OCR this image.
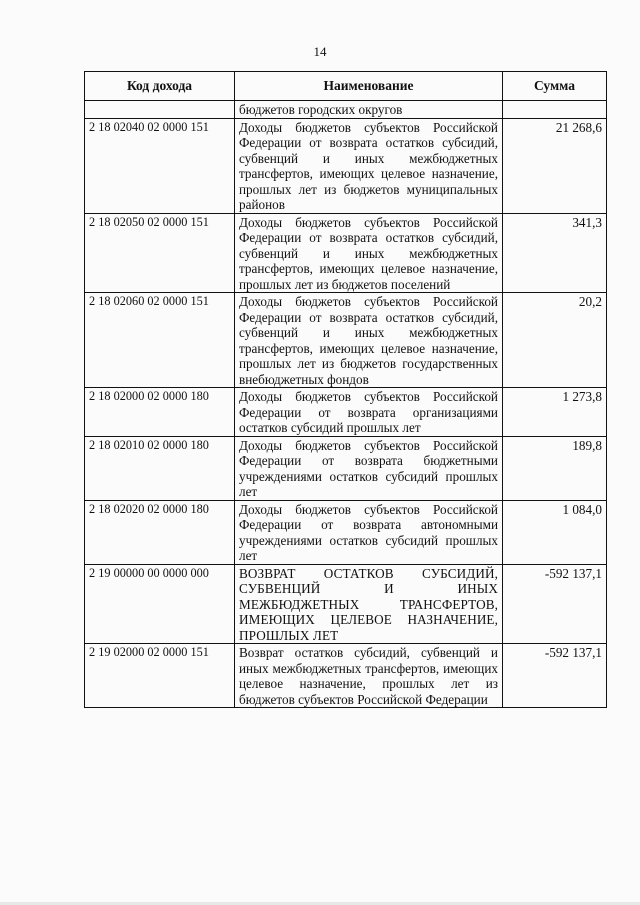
14
Код дохода	Наименование	Сумма
	бюджетов городских округов	
2 18 02040 02 0000 151	Доходы бюджетов субъектов Российской Федерации от возврата остатков субсидий, субвенций и иных межбюджетных трансфертов, имеющих целевое назначение, прошлых лет из бюджетов муниципальных районов	21 268,6
2 18 02050 02 0000 151	Доходы бюджетов субъектов Российской Федерации от возврата остатков субсидий, субвенций и иных межбюджетных трансфертов, имеющих целевое назначение, прошлых лет из бюджетов поселений	341,3
2 18 02060 02 0000 151	Доходы бюджетов субъектов Российской Федерации от возврата остатков субсидий, субвенций и иных межбюджетных трансфертов, имеющих целевое назначение, прошлых лет из бюджетов государственных внебюджетных фондов	20,2
2 18 02000 02 0000 180	Доходы бюджетов субъектов Российской Федерации от возврата организациями остатков субсидий прошлых лет	1 273,8
2 18 02010 02 0000 180	Доходы бюджетов субъектов Российской Федерации от возврата бюджетными учреждениями остатков субсидий прошлых лет	189,8
2 18 02020 02 0000 180	Доходы бюджетов субъектов Российской Федерации от возврата автономными учреждениями остатков субсидий прошлых лет	1 084,0
2 19 00000 00 0000 000	ВОЗВРАТ ОСТАТКОВ СУБСИДИЙ, СУБВЕНЦИЙ И ИНЫХ МЕЖБЮДЖЕТНЫХ ТРАНСФЕРТОВ, ИМЕЮЩИХ ЦЕЛЕВОЕ НАЗНАЧЕНИЕ, ПРОШЛЫХ ЛЕТ	-592 137,1
2 19 02000 02 0000 151	Возврат остатков субсидий, субвенций и иных межбюджетных трансфертов, имеющих целевое назначение, прошлых лет из бюджетов субъектов Российской Федерации	-592 137,1
